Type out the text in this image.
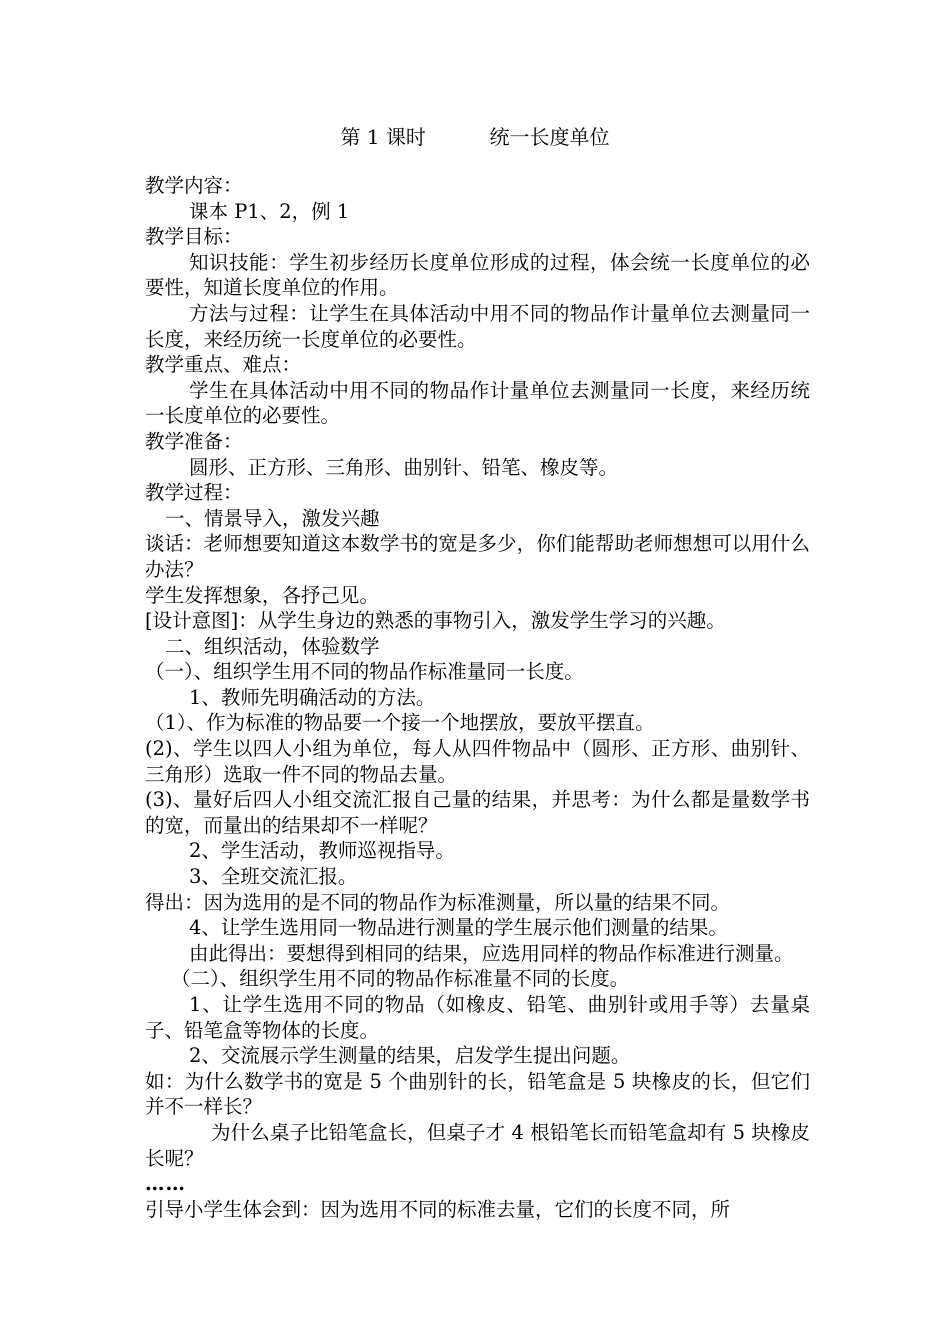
第 1 课时          统一长度单位

教学内容：

课本 P1、2，例 1

教学目标：

知识技能：学生初步经历长度单位形成的过程，体会统一长度单位的必要性，知道长度单位的作用。

方法与过程：让学生在具体活动中用不同的物品作计量单位去测量同一长度，来经历统一长度单位的必要性。

教学重点、难点：

学生在具体活动中用不同的物品作计量单位去测量同一长度，来经历统一长度单位的必要性。

教学准备：

圆形、正方形、三角形、曲别针、铅笔、橡皮等。

教学过程：

一、情景导入，激发兴趣

谈话：老师想要知道这本数学书的宽是多少，你们能帮助老师想想可以用什么办法？

学生发挥想象，各抒己见。

[设计意图]：从学生身边的熟悉的事物引入，激发学生学习的兴趣。

二、组织活动，体验数学

（一）、组织学生用不同的物品作标准量同一长度。

1、教师先明确活动的方法。

（1）、作为标准的物品要一个接一个地摆放，要放平摆直。

(2)、学生以四人小组为单位，每人从四件物品中（圆形、正方形、曲别针、三角形）选取一件不同的物品去量。

(3)、量好后四人小组交流汇报自己量的结果，并思考：为什么都是量数学书的宽，而量出的结果却不一样呢？

2、学生活动，教师巡视指导。

3、全班交流汇报。

得出：因为选用的是不同的物品作为标准测量，所以量的结果不同。

4、让学生选用同一物品进行测量的学生展示他们测量的结果。

由此得出：要想得到相同的结果，应选用同样的物品作标准进行测量。

（二）、组织学生用不同的物品作标准量不同的长度。

1、让学生选用不同的物品（如橡皮、铅笔、曲别针或用手等）去量桌子、铅笔盒等物体的长度。

2、交流展示学生测量的结果，启发学生提出问题。

如：为什么数学书的宽是 5 个曲别针的长，铅笔盒是 5 块橡皮的长，但它们并不一样长？

为什么桌子比铅笔盒长，但桌子才 4 根铅笔长而铅笔盒却有 5 块橡皮长呢？

……

引导小学生体会到：因为选用不同的标准去量，它们的长度不同，所
